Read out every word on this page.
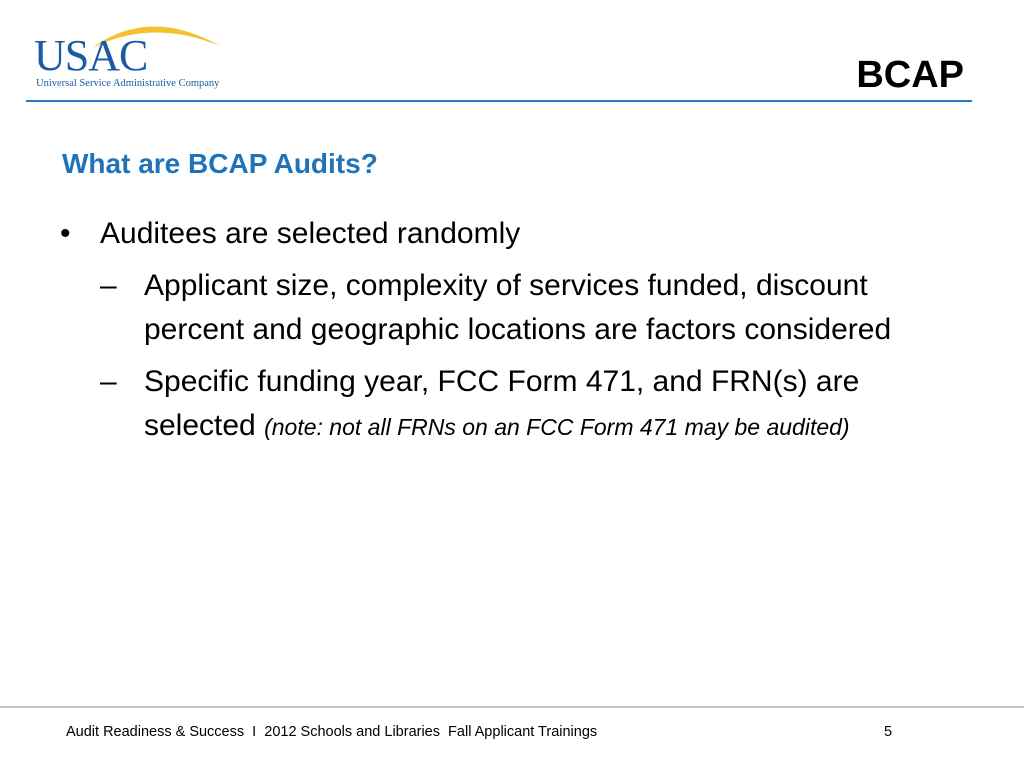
USAC
Universal Service Administrative Company	BCAP
What are BCAP Audits?
• Auditees are selected randomly
– Applicant size, complexity of services funded, discount percent and geographic locations are factors considered
– Specific funding year, FCC Form 471, and FRN(s) are selected (note: not all FRNs on an FCC Form 471 may be audited)
Audit Readiness & Success  I  2012 Schools and Libraries  Fall Applicant Trainings	5
